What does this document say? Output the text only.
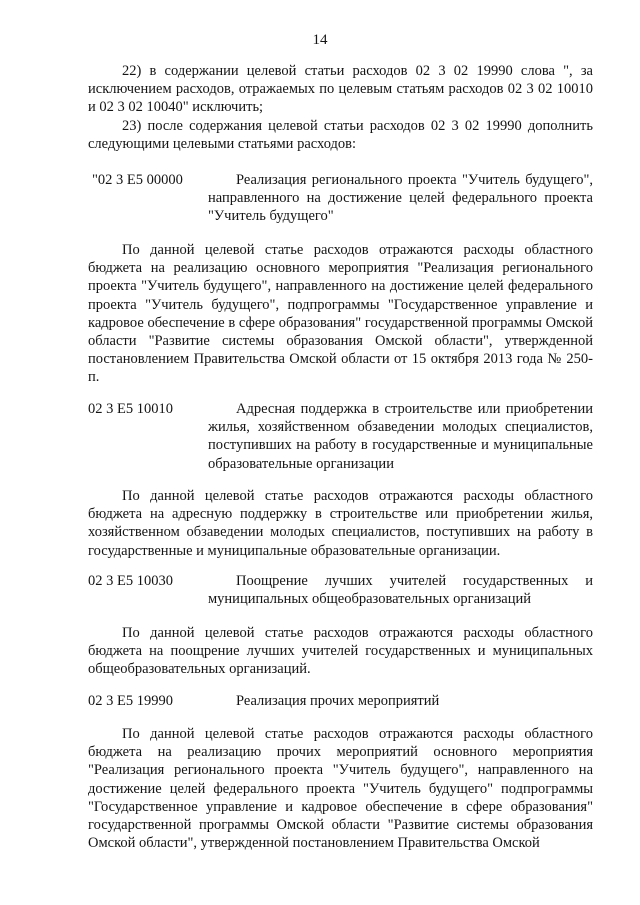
14

22) в содержании целевой статьи расходов 02 3 02 19990 слова ", за исключением расходов, отражаемых по целевым статьям расходов 02 3 02 10010 и 02 3 02 10040" исключить;

23) после содержания целевой статьи расходов 02 3 02 19990 дополнить следующими целевыми статьями расходов:

"02 3 E5 00000	Реализация регионального проекта "Учитель будущего", направленного на достижение целей федерального проекта "Учитель будущего"

По данной целевой статье расходов отражаются расходы областного бюджета на реализацию основного мероприятия "Реализация регионального проекта "Учитель будущего", направленного на достижение целей федерального проекта "Учитель будущего", подпрограммы "Государственное управление и кадровое обеспечение в сфере образования" государственной программы Омской области "Развитие системы образования Омской области", утвержденной постановлением Правительства Омской области от 15 октября 2013 года № 250-п.

02 3 E5 10010	Адресная поддержка в строительстве или приобретении жилья, хозяйственном обзаведении молодых специалистов, поступивших на работу в государственные и муниципальные образовательные организации

По данной целевой статье расходов отражаются расходы областного бюджета на адресную поддержку в строительстве или приобретении жилья, хозяйственном обзаведении молодых специалистов, поступивших на работу в государственные и муниципальные образовательные организации.

02 3 E5 10030	Поощрение лучших учителей государственных и муниципальных общеобразовательных организаций

По данной целевой статье расходов отражаются расходы областного бюджета на поощрение лучших учителей государственных и муниципальных общеобразовательных организаций.

02 3 E5 19990	Реализация прочих мероприятий

По данной целевой статье расходов отражаются расходы областного бюджета на реализацию прочих мероприятий основного мероприятия "Реализация регионального проекта "Учитель будущего", направленного на достижение целей федерального проекта "Учитель будущего" подпрограммы "Государственное управление и кадровое обеспечение в сфере образования" государственной программы Омской области "Развитие системы образования Омской области", утвержденной постановлением Правительства Омской
